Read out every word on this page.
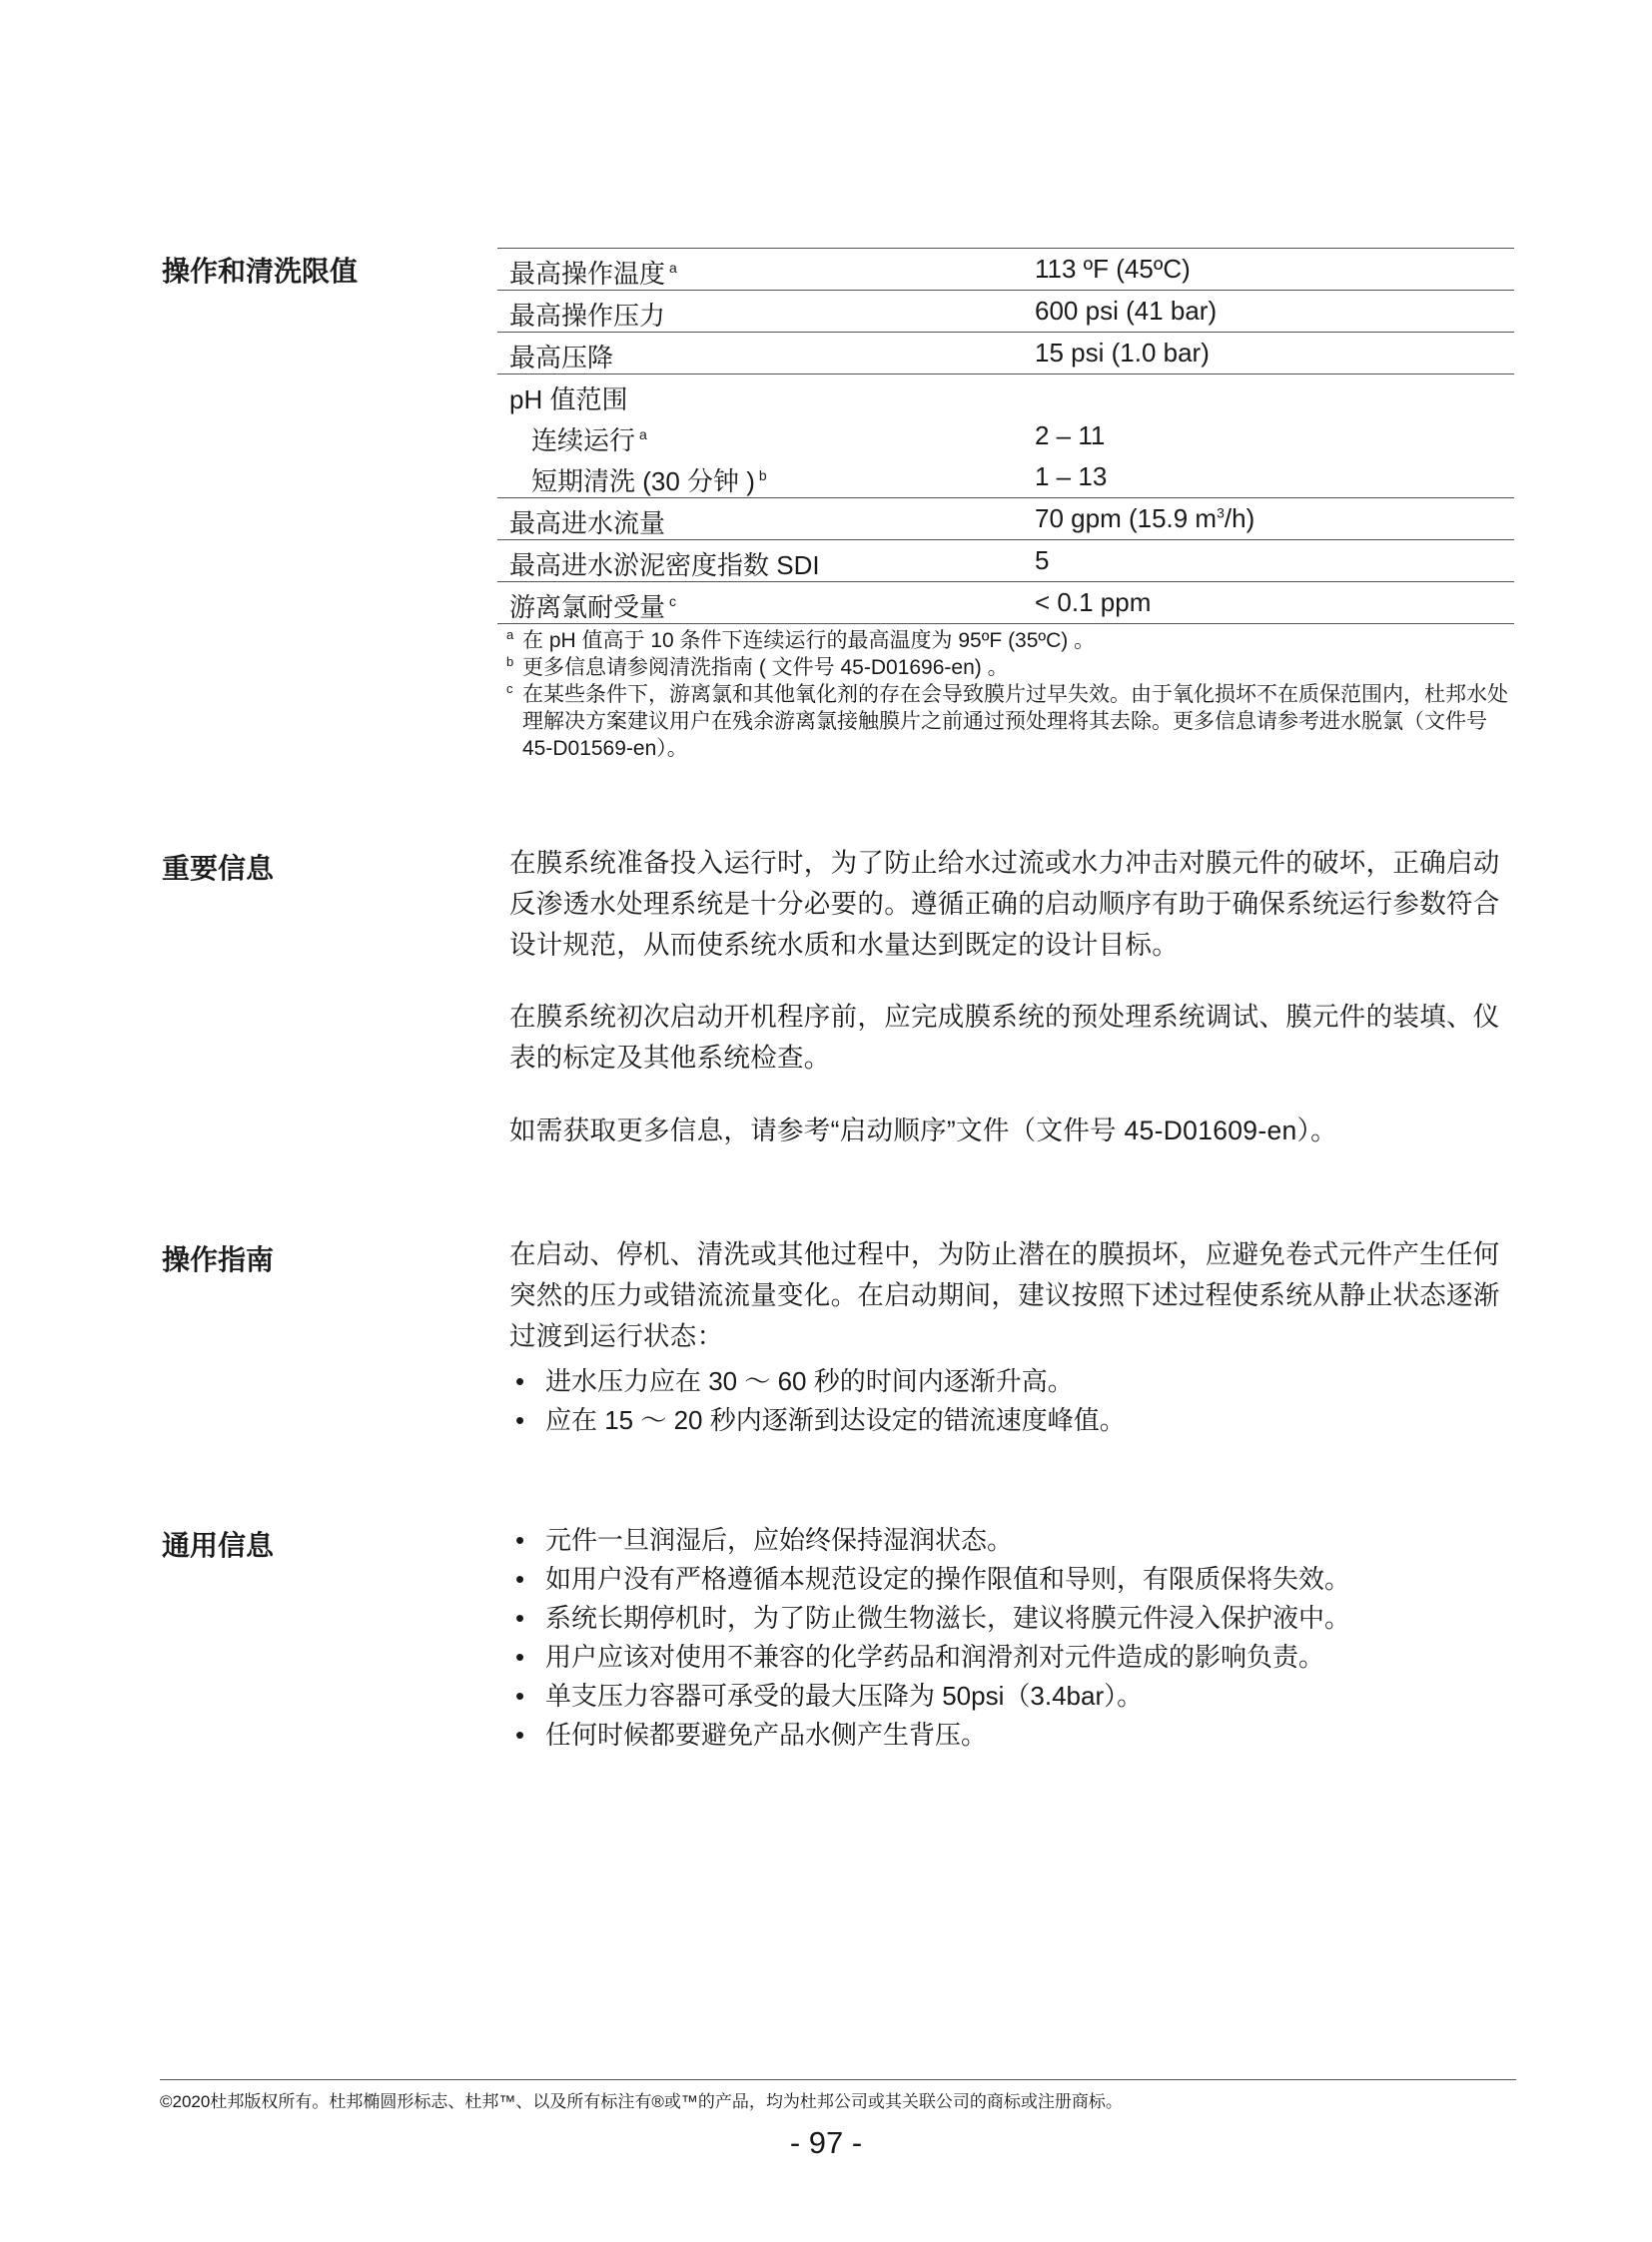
操作和清洗限值	最高操作温度 $^a$	113 ºF (45ºC)
最高操作压力	600 psi (41 bar)
最高压降	15 psi (1.0 bar)
pH 值范围
连续运行 $^a$	2 – 11
短期清洗 (30 分钟 ) $^b$	1 – 13
最高进水流量	70 gpm (15.9 $m^3/h$)
最高进水淤泥密度指数 SDI	5
游离氯耐受量 $^c$	< 0.1 ppm
a 在 pH 值高于 10 条件下连续运行的最高温度为 95ºF (35ºC) 。
b 更多信息请参阅清洗指南 ( 文件号 45-D01696-en) 。
c 在某些条件下，游离氯和其他氧化剂的存在会导致膜片过早失效。由于氧化损坏不在质保范围内，杜邦水处理解决方案建议用户在残余游离氯接触膜片之前通过预处理将其去除。更多信息请参考进水脱氯（文件号 45-D01569-en）。
重要信息	在膜系统准备投入运行时，为了防止给水过流或水力冲击对膜元件的破坏，正确启动反渗透水处理系统是十分必要的。遵循正确的启动顺序有助于确保系统运行参数符合设计规范，从而使系统水质和水量达到既定的设计目标。
在膜系统初次启动开机程序前，应完成膜系统的预处理系统调试、膜元件的装填、仪表的标定及其他系统检查。
如需获取更多信息，请参考“启动顺序”文件（文件号 45-D01609-en）。
操作指南	在启动、停机、清洗或其他过程中，为防止潜在的膜损坏，应避免卷式元件产生任何突然的压力或错流流量变化。在启动期间，建议按照下述过程使系统从静止状态逐渐过渡到运行状态：
• 进水压力应在 30 ～ 60 秒的时间内逐渐升高。
• 应在 15 ～ 20 秒内逐渐到达设定的错流速度峰值。
通用信息	• 元件一旦润湿后，应始终保持湿润状态。
• 如用户没有严格遵循本规范设定的操作限值和导则，有限质保将失效。
• 系统长期停机时，为了防止微生物滋长，建议将膜元件浸入保护液中。
• 用户应该对使用不兼容的化学药品和润滑剂对元件造成的影响负责。
• 单支压力容器可承受的最大压降为 50psi（3.4bar）。
• 任何时候都要避免产品水侧产生背压。
©2020杜邦版权所有。杜邦椭圆形标志、杜邦™、以及所有标注有®或™的产品，均为杜邦公司或其关联公司的商标或注册商标。
- 97 -
